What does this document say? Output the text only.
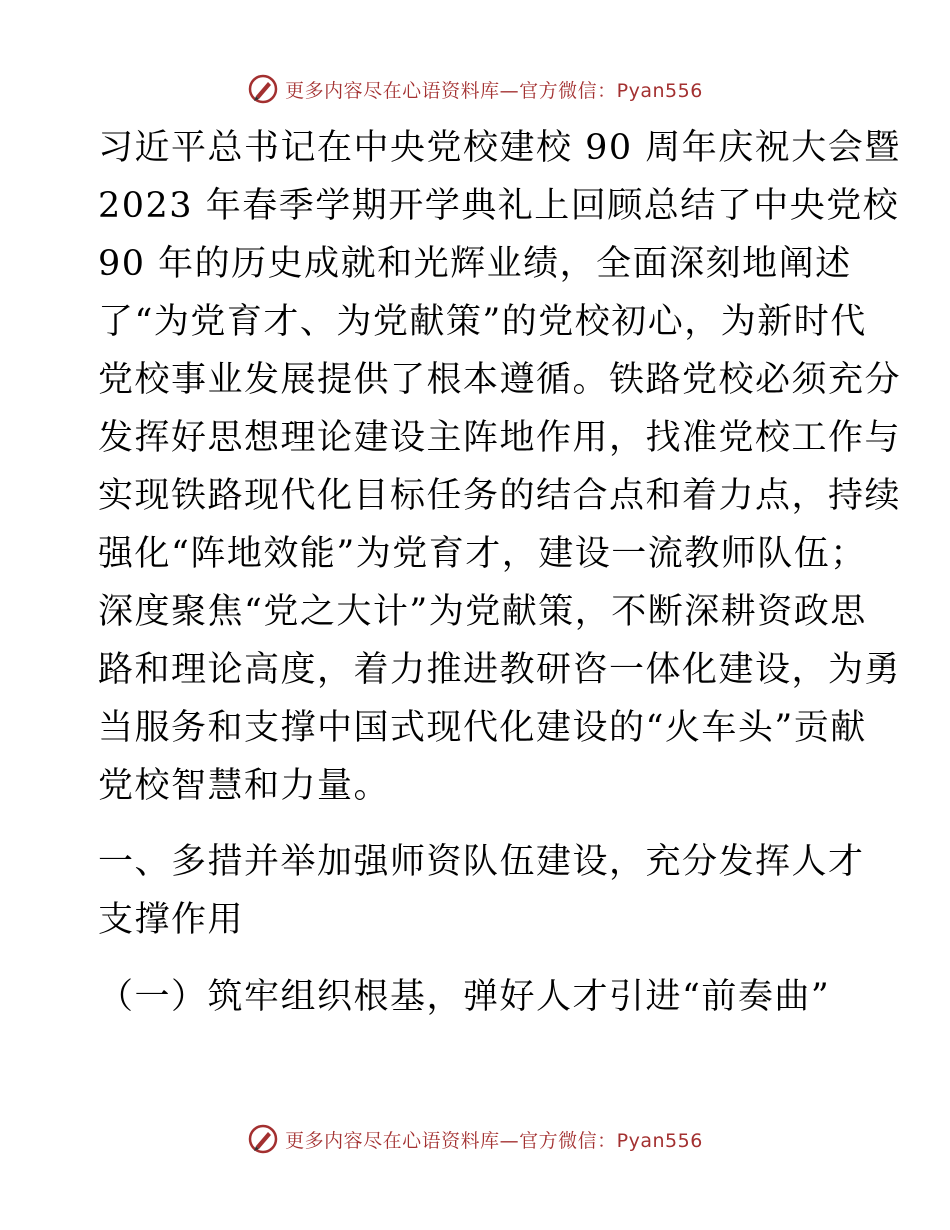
更多内容尽在心语资料库—官方微信：Pyan556
习近平总书记在中央党校建校 90 周年庆祝大会暨
2023 年春季学期开学典礼上回顾总结了中央党校
90 年的历史成就和光辉业绩，全面深刻地阐述
了“为党育才、为党献策”的党校初心，为新时代
党校事业发展提供了根本遵循。铁路党校必须充分
发挥好思想理论建设主阵地作用，找准党校工作与
实现铁路现代化目标任务的结合点和着力点，持续
强化“阵地效能”为党育才，建设一流教师队伍；
深度聚焦“党之大计”为党献策，不断深耕资政思
路和理论高度，着力推进教研咨一体化建设，为勇
当服务和支撑中国式现代化建设的“火车头”贡献
党校智慧和力量。
一、多措并举加强师资队伍建设，充分发挥人才
支撑作用
（一）筑牢组织根基，弹好人才引进“前奏曲”
更多内容尽在心语资料库—官方微信：Pyan556
